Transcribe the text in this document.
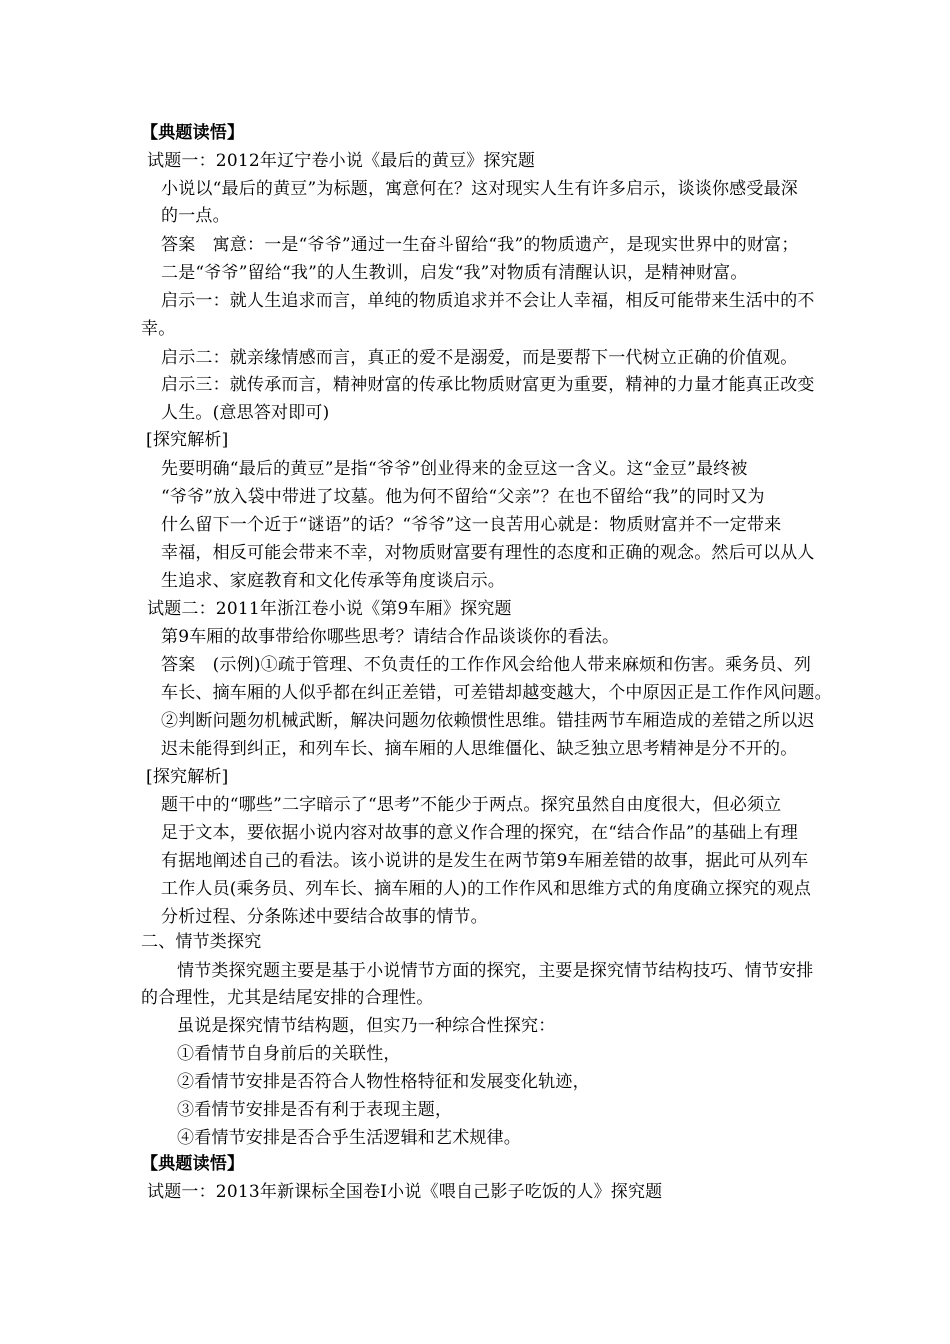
【典题读悟】
试题一：2012年辽宁卷小说《最后的黄豆》探究题
小说以“最后的黄豆”为标题，寓意何在？这对现实人生有许多启示，谈谈你感受最深
的一点。
答案　寓意：一是“爷爷”通过一生奋斗留给“我”的物质遗产，是现实世界中的财富；
二是“爷爷”留给“我”的人生教训，启发“我”对物质有清醒认识，是精神财富。
启示一：就人生追求而言，单纯的物质追求并不会让人幸福，相反可能带来生活中的不
幸。
启示二：就亲缘情感而言，真正的爱不是溺爱，而是要帮下一代树立正确的价值观。
启示三：就传承而言，精神财富的传承比物质财富更为重要，精神的力量才能真正改变
人生。(意思答对即可)
[探究解析]
先要明确“最后的黄豆”是指“爷爷”创业得来的金豆这一含义。这“金豆”最终被
“爷爷”放入袋中带进了坟墓。他为何不留给“父亲”？在也不留给“我”的同时又为
什么留下一个近于“谜语”的话？“爷爷”这一良苦用心就是：物质财富并不一定带来
幸福，相反可能会带来不幸，对物质财富要有理性的态度和正确的观念。然后可以从人
生追求、家庭教育和文化传承等角度谈启示。
试题二：2011年浙江卷小说《第9车厢》探究题
第9车厢的故事带给你哪些思考？请结合作品谈谈你的看法。
答案　(示例)①疏于管理、不负责任的工作作风会给他人带来麻烦和伤害。乘务员、列
车长、摘车厢的人似乎都在纠正差错，可差错却越变越大，个中原因正是工作作风问题。
②判断问题勿机械武断，解决问题勿依赖惯性思维。错挂两节车厢造成的差错之所以迟
迟未能得到纠正，和列车长、摘车厢的人思维僵化、缺乏独立思考精神是分不开的。
[探究解析]
题干中的“哪些”二字暗示了“思考”不能少于两点。探究虽然自由度很大，但必须立
足于文本，要依据小说内容对故事的意义作合理的探究，在“结合作品”的基础上有理
有据地阐述自己的看法。该小说讲的是发生在两节第9车厢差错的故事，据此可从列车
工作人员(乘务员、列车长、摘车厢的人)的工作作风和思维方式的角度确立探究的观点
分析过程、分条陈述中要结合故事的情节。
二、情节类探究
情节类探究题主要是基于小说情节方面的探究，主要是探究情节结构技巧、情节安排
的合理性，尤其是结尾安排的合理性。
虽说是探究情节结构题，但实乃一种综合性探究：
①看情节自身前后的关联性，
②看情节安排是否符合人物性格特征和发展变化轨迹，
③看情节安排是否有利于表现主题，
④看情节安排是否合乎生活逻辑和艺术规律。
【典题读悟】
试题一：2013年新课标全国卷Ⅰ小说《喂自己影子吃饭的人》探究题
